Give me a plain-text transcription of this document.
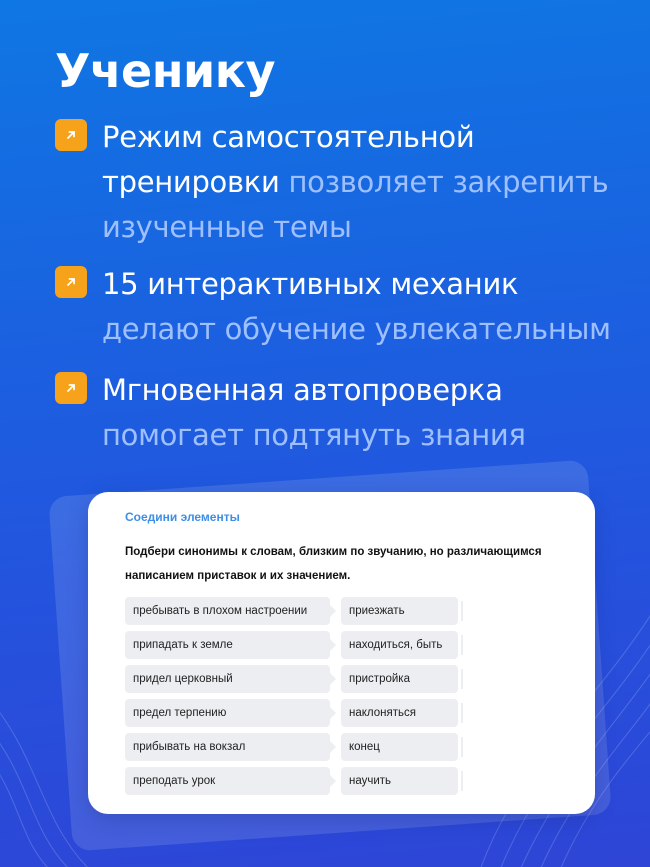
Ученику
Режим самостоятельной тренировки позволяет закрепить изученные темы
15 интерактивных механик делают обучение увлекательным
Мгновенная автопроверка помогает подтянуть знания
Соедини элементы
Подбери синонимы к словам, близким по звучанию, но различающимся написанием приставок и их значением.
пребывать в плохом настроении
припадать к земле
придел церковный
предел терпению
прибывать на вокзал
преподать урок
приезжать
находиться, быть
пристройка
наклоняться
конец
научить
